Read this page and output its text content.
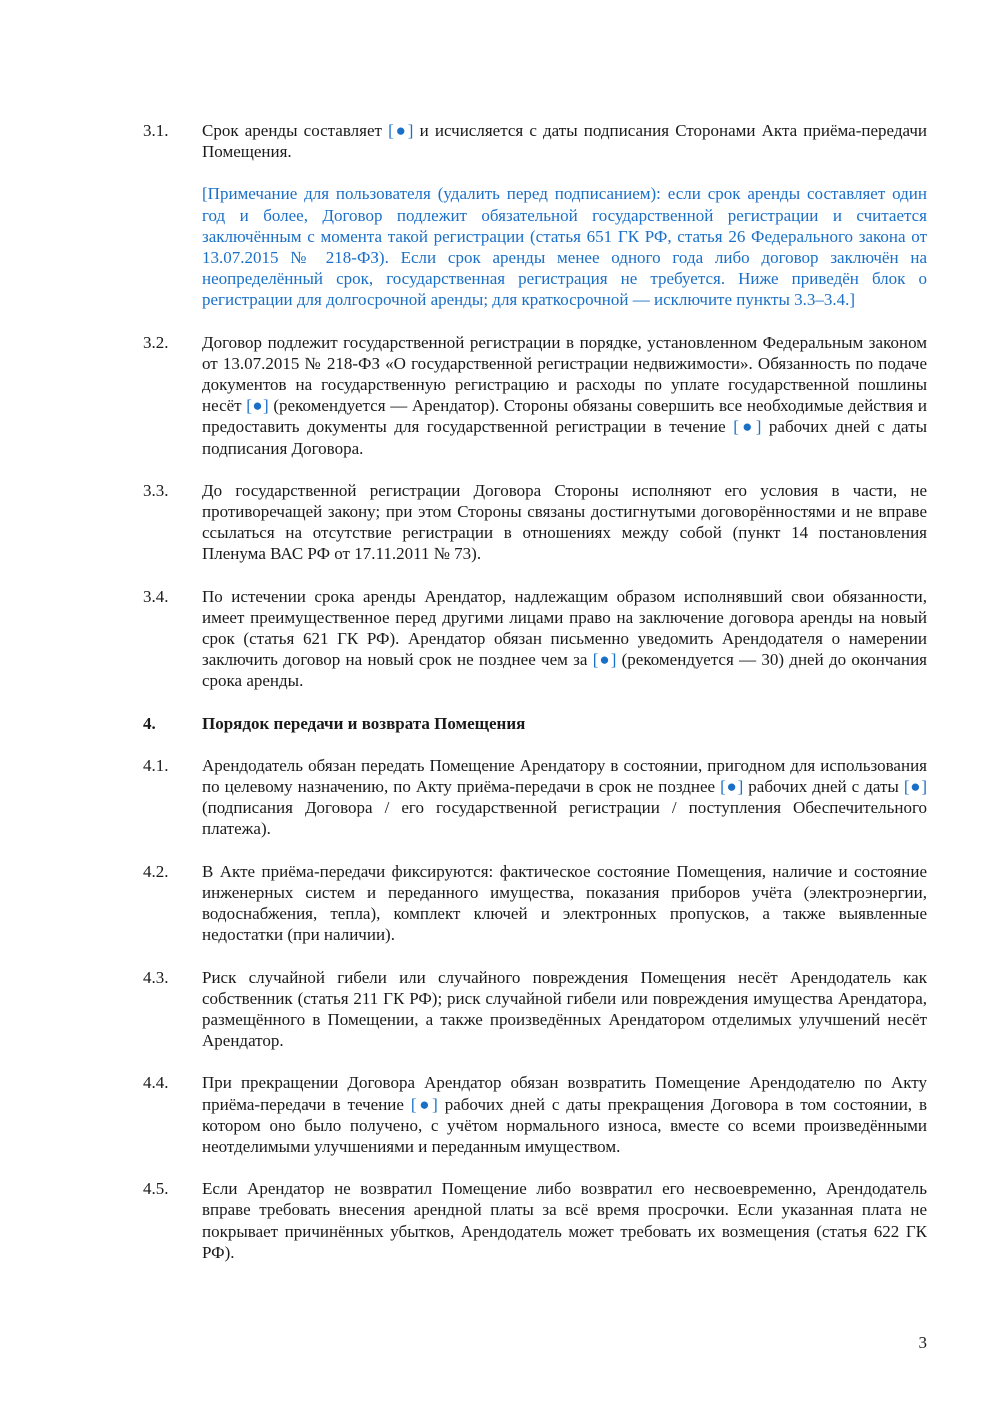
3.1.	Срок аренды составляет [●] и исчисляется с даты подписания Сторонами Акта приёма-передачи Помещения.
[Примечание для пользователя (удалить перед подписанием): если срок аренды составляет один год и более, Договор подлежит обязательной государственной регистрации и считается заключённым с момента такой регистрации (статья 651 ГК РФ, статья 26 Федерального закона от 13.07.2015 № 218-ФЗ). Если срок аренды менее одного года либо договор заключён на неопределённый срок, государственная регистрация не требуется. Ниже приведён блок о регистрации для долгосрочной аренды; для краткосрочной — исключите пункты 3.3–3.4.]
3.2.	Договор подлежит государственной регистрации в порядке, установленном Федеральным законом от 13.07.2015 № 218-ФЗ «О государственной регистрации недвижимости». Обязанность по подаче документов на государственную регистрацию и расходы по уплате государственной пошлины несёт [●] (рекомендуется — Арендатор). Стороны обязаны совершить все необходимые действия и предоставить документы для государственной регистрации в течение [●] рабочих дней с даты подписания Договора.
3.3.	До государственной регистрации Договора Стороны исполняют его условия в части, не противоречащей закону; при этом Стороны связаны достигнутыми договорённостями и не вправе ссылаться на отсутствие регистрации в отношениях между собой (пункт 14 постановления Пленума ВАС РФ от 17.11.2011 № 73).
3.4.	По истечении срока аренды Арендатор, надлежащим образом исполнявший свои обязанности, имеет преимущественное перед другими лицами право на заключение договора аренды на новый срок (статья 621 ГК РФ). Арендатор обязан письменно уведомить Арендодателя о намерении заключить договор на новый срок не позднее чем за [●] (рекомендуется — 30) дней до окончания срока аренды.
4.	Порядок передачи и возврата Помещения
4.1.	Арендодатель обязан передать Помещение Арендатору в состоянии, пригодном для использования по целевому назначению, по Акту приёма-передачи в срок не позднее [●] рабочих дней с даты [●] (подписания Договора / его государственной регистрации / поступления Обеспечительного платежа).
4.2.	В Акте приёма-передачи фиксируются: фактическое состояние Помещения, наличие и состояние инженерных систем и переданного имущества, показания приборов учёта (электроэнергии, водоснабжения, тепла), комплект ключей и электронных пропусков, а также выявленные недостатки (при наличии).
4.3.	Риск случайной гибели или случайного повреждения Помещения несёт Арендодатель как собственник (статья 211 ГК РФ); риск случайной гибели или повреждения имущества Арендатора, размещённого в Помещении, а также произведённых Арендатором отделимых улучшений несёт Арендатор.
4.4.	При прекращении Договора Арендатор обязан возвратить Помещение Арендодателю по Акту приёма-передачи в течение [●] рабочих дней с даты прекращения Договора в том состоянии, в котором оно было получено, с учётом нормального износа, вместе со всеми произведёнными неотделимыми улучшениями и переданным имуществом.
4.5.	Если Арендатор не возвратил Помещение либо возвратил его несвоевременно, Арендодатель вправе требовать внесения арендной платы за всё время просрочки. Если указанная плата не покрывает причинённых убытков, Арендодатель может требовать их возмещения (статья 622 ГК РФ).
3
